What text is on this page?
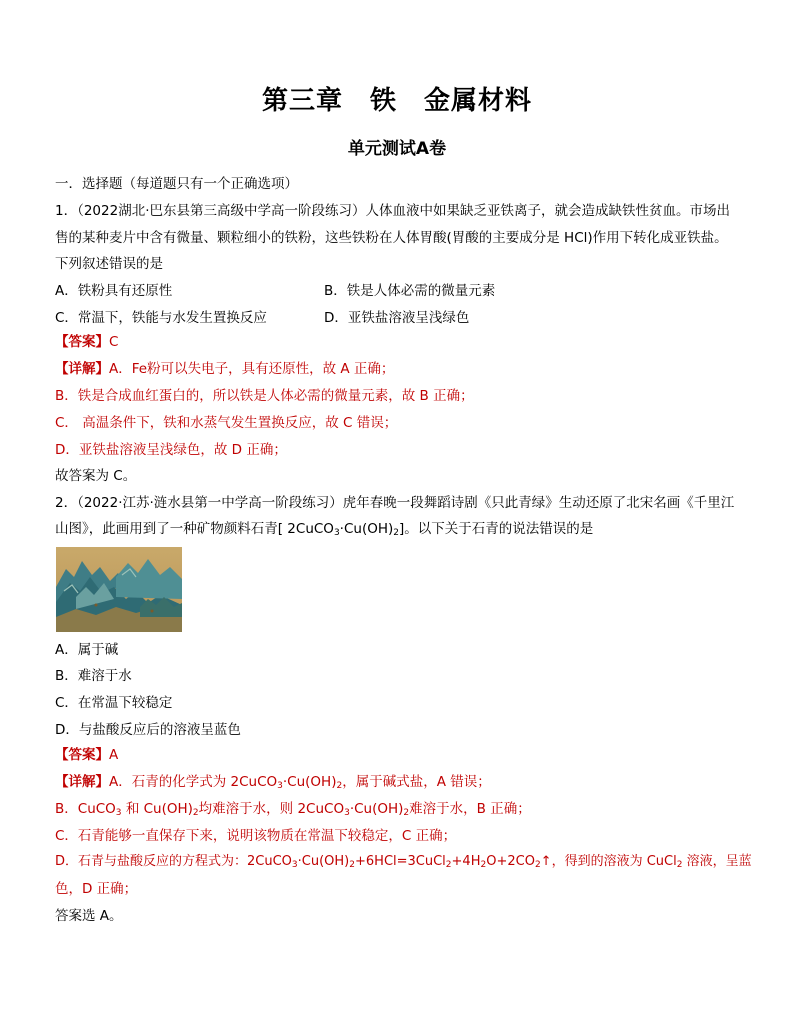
第三章　铁　金属材料
单元测试A卷
一．选择题（每道题只有一个正确选项）
1．（2022湖北·巴东县第三高级中学高一阶段练习）人体血液中如果缺乏亚铁离子，就会造成缺铁性贫血。市场出
售的某种麦片中含有微量、颗粒细小的铁粉，这些铁粉在人体胃酸(胃酸的主要成分是 HCl)作用下转化成亚铁盐。
下列叙述错误的是
A．铁粉具有还原性	B．铁是人体必需的微量元素
C．常温下，铁能与水发生置换反应	D．亚铁盐溶液呈浅绿色
【答案】C
【详解】A．Fe粉可以失电子，具有还原性，故 A 正确；
B．铁是合成血红蛋白的，所以铁是人体必需的微量元素，故 B 正确；
C． 高温条件下，铁和水蒸气发生置换反应，故 C 错误；
D．亚铁盐溶液呈浅绿色，故 D 正确；
故答案为 C。
2．（2022·江苏·涟水县第一中学高一阶段练习）虎年春晚一段舞蹈诗剧《只此青绿》生动还原了北宋名画《千里江
山图》，此画用到了一种矿物颜料石青[ $2CuCO_3\cdot Cu(OH)_2$]。以下关于石青的说法错误的是
A．属于碱
B．难溶于水
C．在常温下较稳定
D．与盐酸反应后的溶液呈蓝色
【答案】A
【详解】A．石青的化学式为 $2CuCO_3\cdot Cu(OH)_2$，属于碱式盐，A 错误；
B．CuCO$_3$ 和 $Cu(OH)_2$均难溶于水，则 $2CuCO_3\cdot Cu(OH)_2$难溶于水，B 正确；
C．石青能够一直保存下来，说明该物质在常温下较稳定，C 正确；
D．石青与盐酸反应的方程式为：$2CuCO_3\cdot Cu(OH)_2+6HCl=3CuCl_2+4H_2O+2CO_2↑$，得到的溶液为 CuCl$_2$ 溶液，呈蓝
色，D 正确；
答案选 A。
